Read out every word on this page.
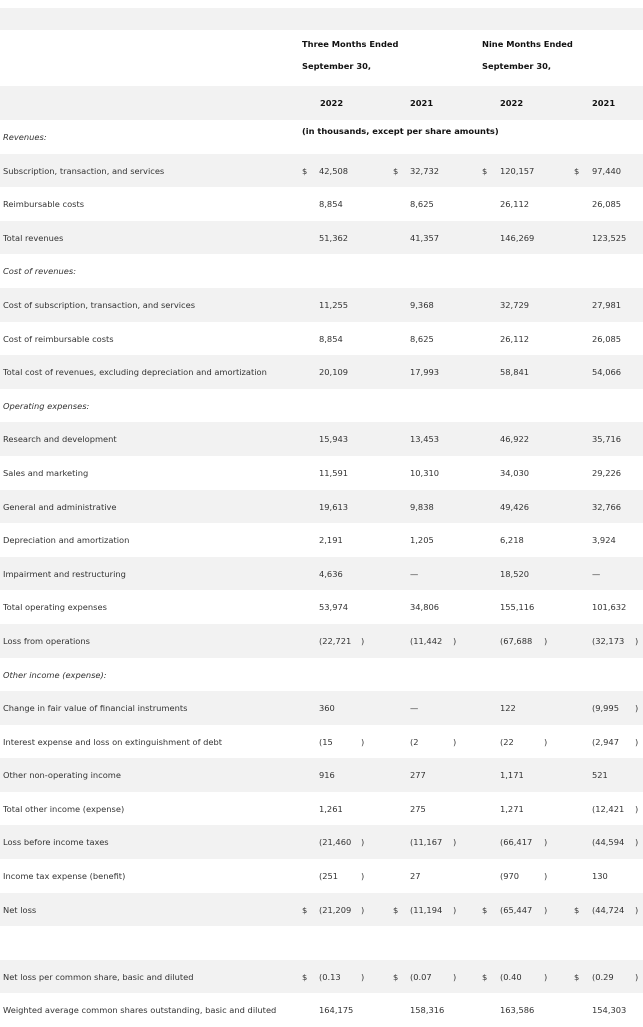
Three Months Ended
September 30,
Nine Months Ended
September 30,
2022	2021	2022	2021
(in thousands, except per share amounts)
Revenues:
Subscription, transaction, and services	$ 42,508	$ 32,732	$ 120,157	$ 97,440
Reimbursable costs	8,854	8,625	26,112	26,085
Total revenues	51,362	41,357	146,269	123,525
Cost of revenues:
Cost of subscription, transaction, and services	11,255	9,368	32,729	27,981
Cost of reimbursable costs	8,854	8,625	26,112	26,085
Total cost of revenues, excluding depreciation and amortization	20,109	17,993	58,841	54,066
Operating expenses:
Research and development	15,943	13,453	46,922	35,716
Sales and marketing	11,591	10,310	34,030	29,226
General and administrative	19,613	9,838	49,426	32,766
Depreciation and amortization	2,191	1,205	6,218	3,924
Impairment and restructuring	4,636	—	18,520	—
Total operating expenses	53,974	34,806	155,116	101,632
Loss from operations	(22,721 )	(11,442 )	(67,688 )	(32,173 )
Other income (expense):
Change in fair value of financial instruments	360	—	122	(9,995 )
Interest expense and loss on extinguishment of debt	(15	)	(2	)	(22	)	(2,947 )
Other non-operating income	916	277	1,171	521
Total other income (expense)	1,261	275	1,271	(12,421 )
Loss before income taxes	(21,460 )	(11,167 )	(66,417 )	(44,594 )
Income tax expense (benefit)	(251	)	27	(970	)	130
Net loss	$ (21,209 )	$ (11,194 )	$ (65,447 )	$ (44,724 )
Net loss per common share, basic and diluted	$ (0.13 )	$ (0.07	)	$ (0.40	)	$ (0.29	)
Weighted average common shares outstanding, basic and diluted	164,175	158,316	163,586	154,303
